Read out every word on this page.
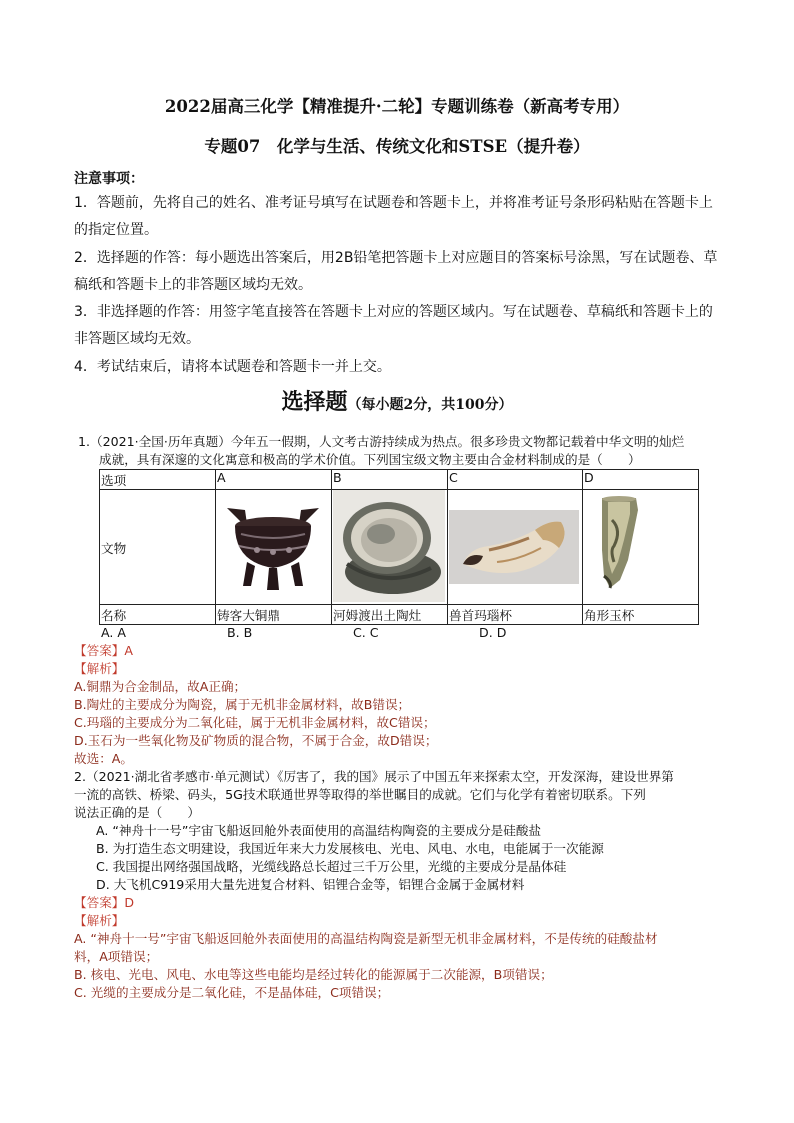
2022届高三化学【精准提升·二轮】专题训练卷（新高考专用）
专题07　化学与生活、传统文化和STSE（提升卷）
注意事项：
1．答题前，先将自己的姓名、准考证号填写在试题卷和答题卡上，并将准考证号条形码粘贴在答题卡上的指定位置。
2．选择题的作答：每小题选出答案后，用2B铅笔把答题卡上对应题目的答案标号涂黑，写在试题卷、草稿纸和答题卡上的非答题区域均无效。
3．非选择题的作答：用签字笔直接答在答题卡上对应的答题区域内。写在试题卷、草稿纸和答题卡上的非答题区域均无效。
4．考试结束后，请将本试题卷和答题卡一并上交。
选择题（每小题2分，共100分）
1.（2021·全国·历年真题）今年五一假期，人文考古游持续成为热点。很多珍贵文物都记载着中华文明的灿烂
成就，具有深邃的文化寓意和极高的学术价值。下列国宝级文物主要由合金材料制成的是（　　）
选项	A	B	C	D
文物	

名称	铸客大铜鼎	河姆渡出土陶灶	兽首玛瑙杯	角形玉杯
A. A	B. B	C. C	D. D
【答案】A
【解析】
A.铜鼎为合金制品，故A正确；
B.陶灶的主要成分为陶瓷，属于无机非金属材料，故B错误；
C.玛瑙的主要成分为二氧化硅，属于无机非金属材料，故C错误；
D.玉石为一些氧化物及矿物质的混合物，不属于合金，故D错误；
故选：A。
2.（2021·湖北省孝感市·单元测试）《厉害了，我的国》展示了中国五年来探索太空，开发深海，建设世界第
一流的高铁、桥梁、码头，5G技术联通世界等取得的举世瞩目的成就。它们与化学有着密切联系。下列
说法正确的是（　　）
A. “神舟十一号”宇宙飞船返回舱外表面使用的高温结构陶瓷的主要成分是硅酸盐
B. 为打造生态文明建设，我国近年来大力发展核电、光电、风电、水电，电能属于一次能源
C. 我国提出网络强国战略，光缆线路总长超过三千万公里，光缆的主要成分是晶体硅
D. 大飞机C919采用大量先进复合材料、铝锂合金等，铝锂合金属于金属材料
【答案】D
【解析】
A. “神舟十一号”宇宙飞船返回舱外表面使用的高温结构陶瓷是新型无机非金属材料，不是传统的硅酸盐材
料，A项错误；
B. 核电、光电、风电、水电等这些电能均是经过转化的能源属于二次能源，B项错误；
C. 光缆的主要成分是二氧化硅，不是晶体硅，C项错误；
